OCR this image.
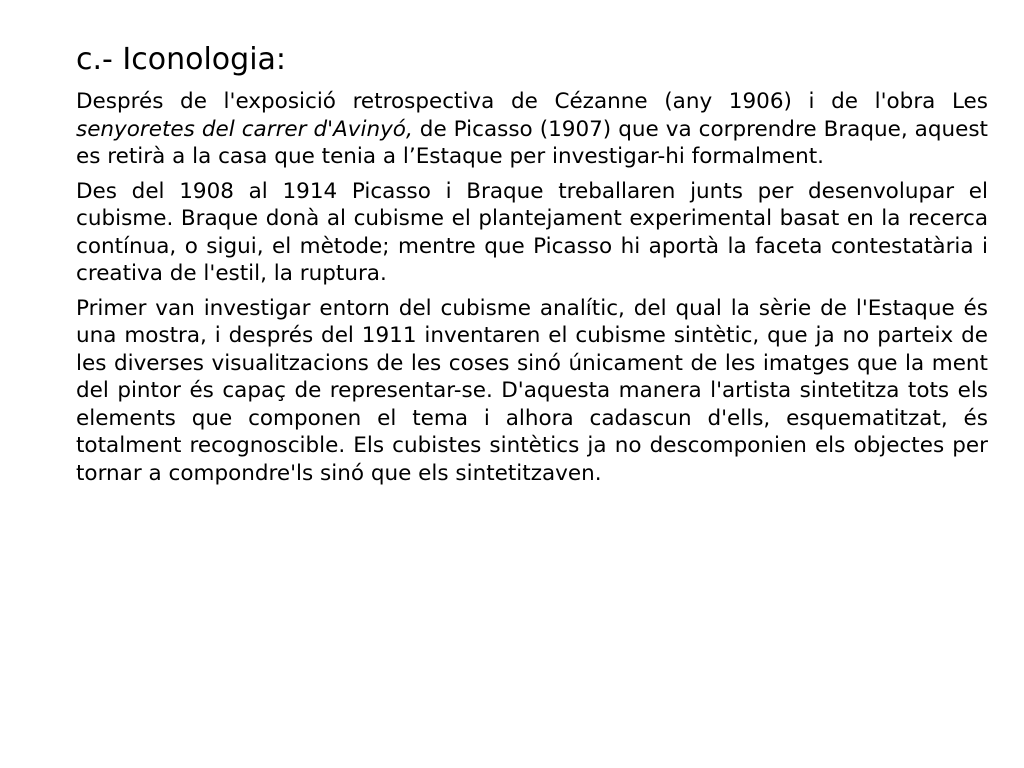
c.- Iconologia:

Després de l'exposició retrospectiva de Cézanne (any 1906) i de l'obra Les senyoretes del carrer d'Avinyó, de Picasso (1907) que va corprendre Braque, aquest es retirà a la casa que tenia a l’Estaque per investigar-hi formalment.

Des del 1908 al 1914 Picasso i Braque treballaren junts per desenvolupar el cubisme. Braque donà al cubisme el plantejament experimental basat en la recerca contínua, o sigui, el mètode; mentre que Picasso hi aportà la faceta contestatària i creativa de l'estil, la ruptura.

Primer van investigar entorn del cubisme analític, del qual la sèrie de l'Estaque és una mostra, i després del 1911 inventaren el cubisme sintètic, que ja no parteix de les diverses visualitzacions de les coses sinó únicament de les imatges que la ment del pintor és capaç de representar-se. D'aquesta manera l'artista sintetitza tots els elements que componen el tema i alhora cadascun d'ells, esquematitzat, és totalment recognoscible. Els cubistes sintètics ja no descomponien els objectes per tornar a compondre'ls sinó que els sintetitzaven.
